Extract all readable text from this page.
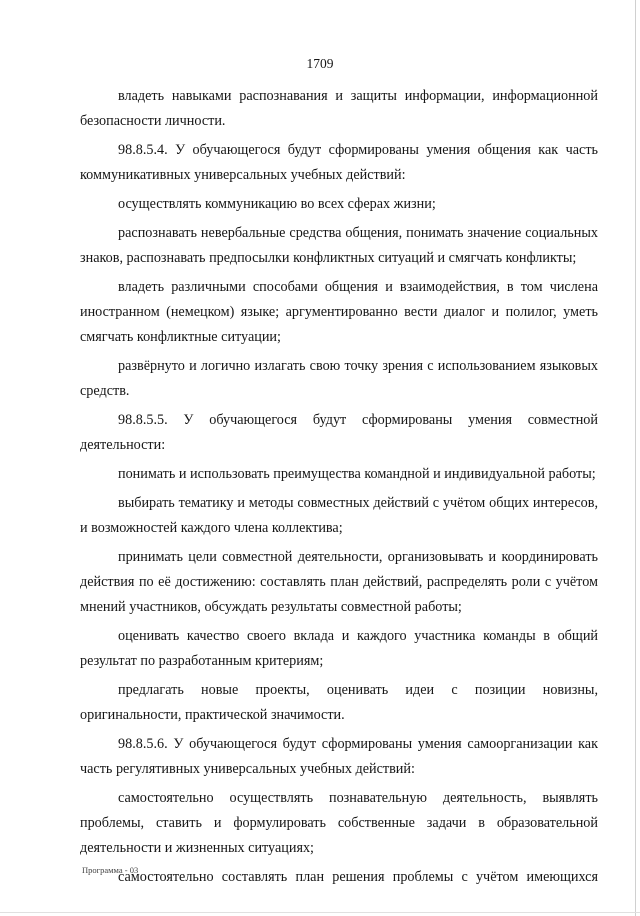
1709

владеть навыками распознавания и защиты информации, информационной безопасности личности.

98.8.5.4. У обучающегося будут сформированы умения общения как часть коммуникативных универсальных учебных действий:

осуществлять коммуникацию во всех сферах жизни;

распознавать невербальные средства общения, понимать значение социальных знаков, распознавать предпосылки конфликтных ситуаций и смягчать конфликты;

владеть различными способами общения и взаимодействия, в том числена иностранном (немецком) языке; аргументированно вести диалог и полилог, уметь смягчать конфликтные ситуации;

развёрнуто и логично излагать свою точку зрения с использованием языковых средств.

98.8.5.5. У обучающегося будут сформированы умения совместной деятельности:

понимать и использовать преимущества командной и индивидуальной работы;

выбирать тематику и методы совместных действий с учётом общих интересов, и возможностей каждого члена коллектива;

принимать цели совместной деятельности, организовывать и координировать действия по её достижению: составлять план действий, распределять роли с учётом мнений участников, обсуждать результаты совместной работы;

оценивать качество своего вклада и каждого участника команды в общий результат по разработанным критериям;

предлагать новые проекты, оценивать идеи с позиции новизны, оригинальности, практической значимости.

98.8.5.6. У обучающегося будут сформированы умения самоорганизации как часть регулятивных универсальных учебных действий:

самостоятельно осуществлять познавательную деятельность, выявлять проблемы, ставить и формулировать собственные задачи в образовательной деятельности и жизненных ситуациях;

самостоятельно составлять план решения проблемы с учётом имеющихся

Программа - 03
